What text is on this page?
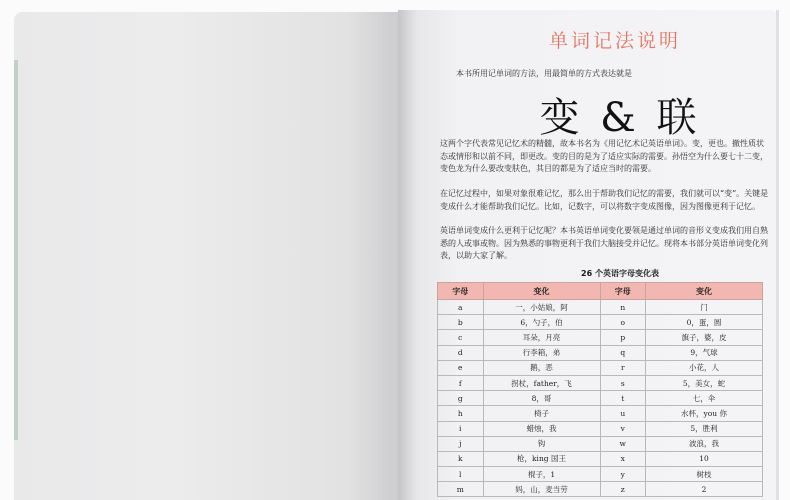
单词记法说明
本书所用记单词的方法，用最简单的方式表达就是
变 & 联
这两个字代表常见记忆术的精髓，故本书名为《用记忆术记英语单词》。变，更也。撤性质状态或情形和以前不同，即更改。变的目的是为了适应实际的需要。孙悟空为什么要七十二变，变色龙为什么要改变肤色，其目的都是为了适应当时的需要。
在记忆过程中，如果对象很难记忆，那么出于帮助我们记忆的需要，我们就可以“变”。关键是变成什么才能帮助我们记忆。比如，记数字，可以将数字变成图像，因为图像更利于记忆。
英语单词变成什么更利于记忆呢？本书英语单词变化要领是通过单词的音形义变成我们用自熟悉的人或事或物。因为熟悉的事物更利于我们大脑接受并记忆。现将本书部分英语单词变化列表，以助大家了解。
26 个英语字母变化表
字母	变化	字母	变化
a	一，小姑娘，阿	n	门
b	6，勺子，伯	o	0，蛋，圆
c	耳朵，月亮	p	旗子，婆，皮
d	行李箱，弟	q	9，气球
e	鹅，恶	r	小花，人
f	拐杖，father，飞	s	5，美女，蛇
g	8，哥	t	七，伞
h	椅子	u	水杯，you 你
i	蜡烛，我	v	5，胜利
j	钩	w	波浪，我
k	枪，king 国王	x	10
l	棍子，1	y	树枝
m	妈，山，麦当劳	z	2
